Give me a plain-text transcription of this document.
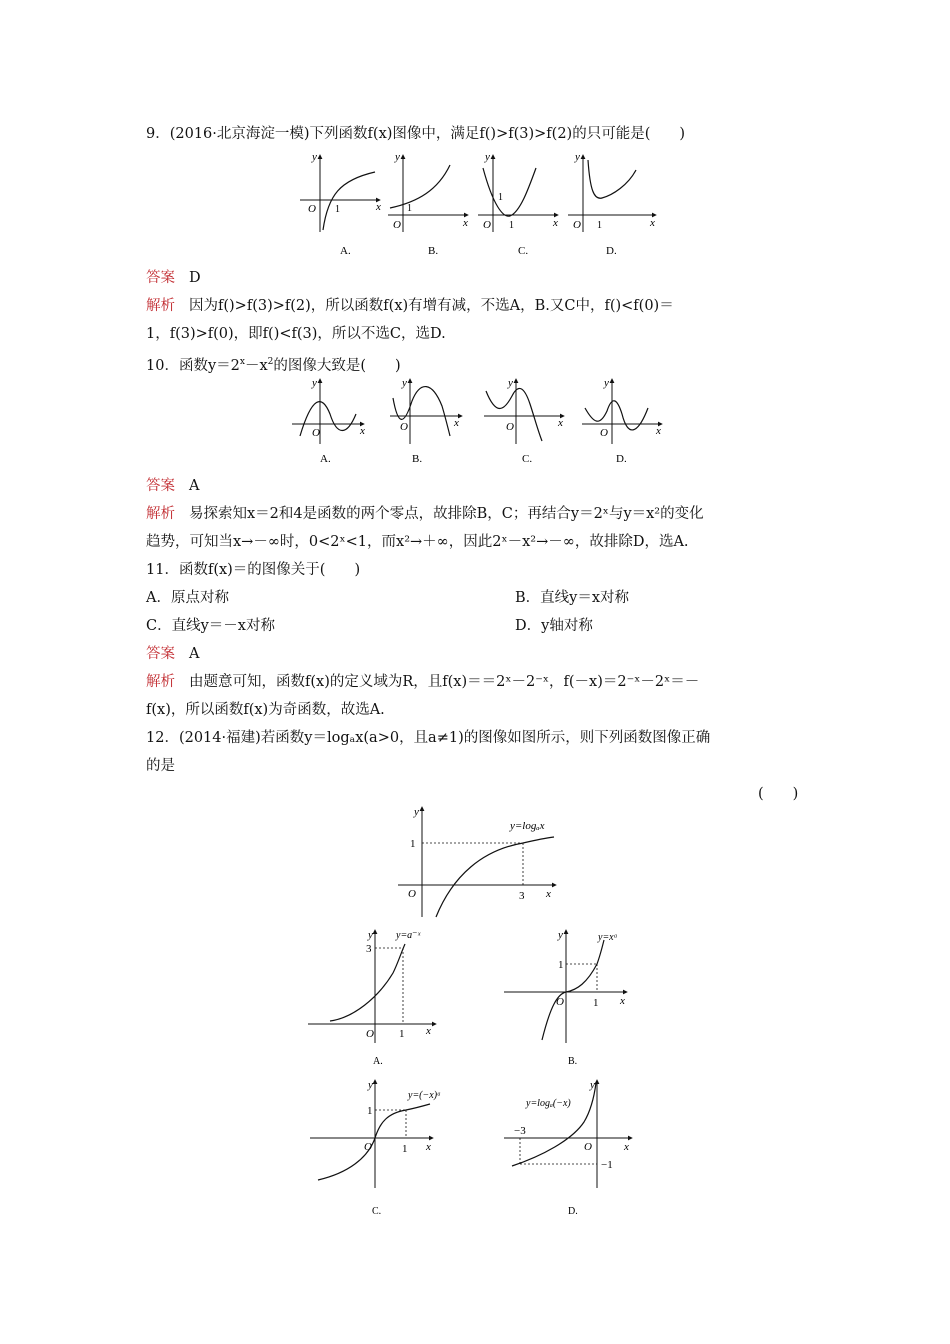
9．(2016·北京海淀一模)下列函数f(x)图像中，满足f()>f(3)>f(2)的只可能是(　　)
y
x
O 1
A.
y
x
O
1
B.
y
x
O
1
1
C.
y
x
O 1
D.
答案 D
解析 因为f()>f(3)>f(2)，所以函数f(x)有增有减，不选A，B.又C中，f()<f(0)＝
1，f(3)>f(0)，即f()<f(3)，所以不选C，选D.
10．函数$y=2^x-x^2$的图像大致是(　　)
y
x
O
A.
y
x
O
B.
y
x
O
C.
y
x
O
D.
答案 A
解析 易探索知x＝2和4是函数的两个零点，故排除B，C；再结合y＝2ˣ与y＝x²的变化
趋势，可知当x→－∞时，0<2ˣ<1，而x²→＋∞，因此2ˣ－x²→－∞，故排除D，选A.
11．函数f(x)＝的图像关于(　　)
A．原点对称	B．直线y＝x对称
C．直线y＝－x对称	D．y轴对称
答案 A
解析 由题意可知，函数f(x)的定义域为R，且f(x)＝＝2ˣ－2⁻ˣ，f(－x)＝2⁻ˣ－2ˣ＝－
f(x)，所以函数f(x)为奇函数，故选A.
12．(2014·福建)若函数y＝logₐx(a>0，且a≠1)的图像如图所示，则下列函数图像正确
的是
(　　)
y
x
O
1
3
y=logₐx
y
x
O
3
1
y=a⁻ˣ
A.
y
x
O
1
1
y=xᵃ
B.
y
x
O
1
1
y=(−x)ᵃ
C.
y
x
O
−3
−1
y=logₐ(−x)
D.
